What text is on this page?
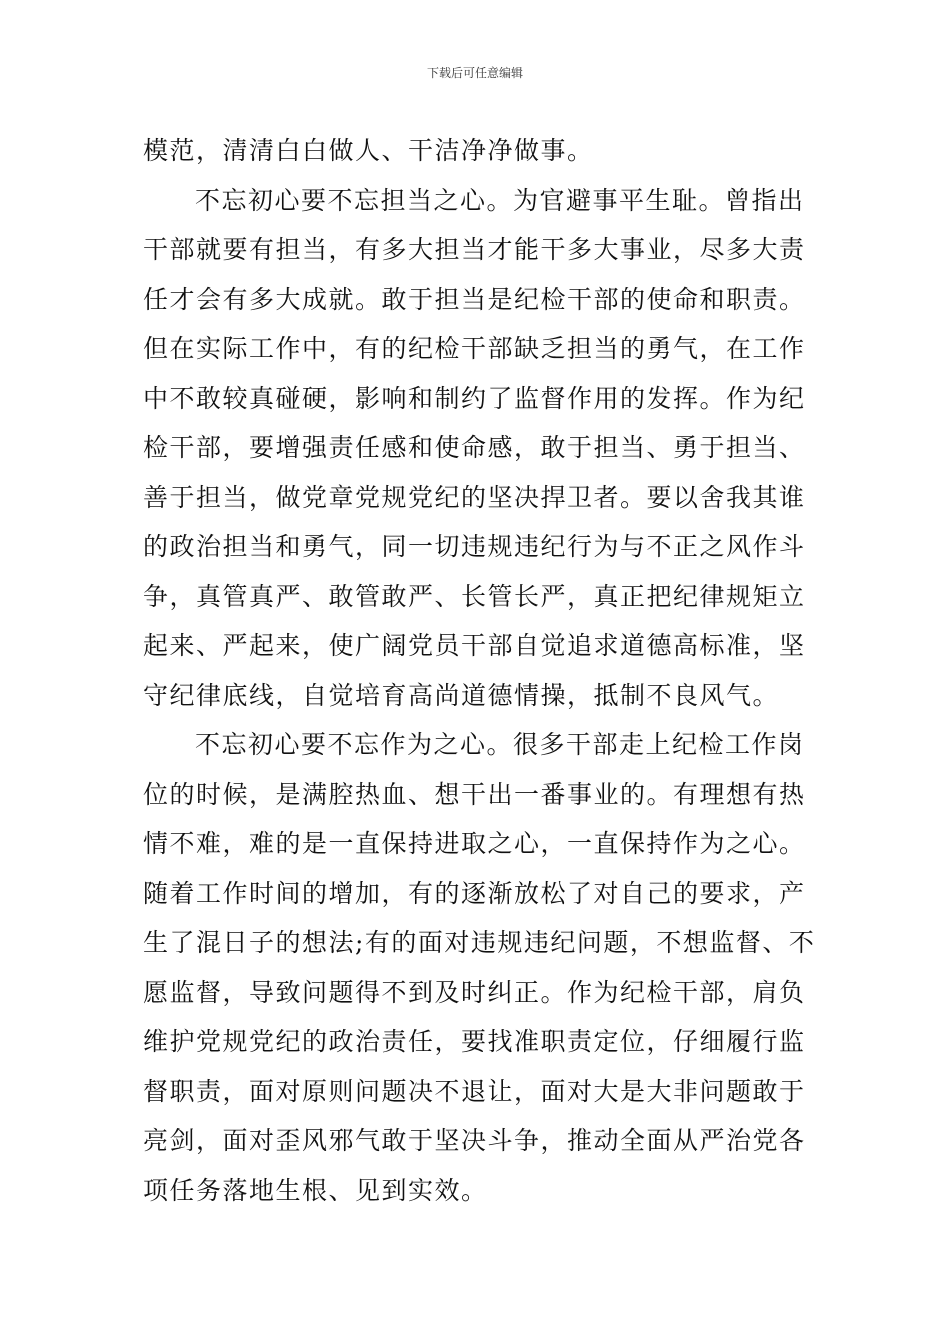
下载后可任意编辑
模范，清清白白做人、干洁净净做事。
不忘初心要不忘担当之心。为官避事平生耻。曾指出
干部就要有担当，有多大担当才能干多大事业，尽多大责
任才会有多大成就。敢于担当是纪检干部的使命和职责。
但在实际工作中，有的纪检干部缺乏担当的勇气，在工作
中不敢较真碰硬，影响和制约了监督作用的发挥。作为纪
检干部，要增强责任感和使命感，敢于担当、勇于担当、
善于担当，做党章党规党纪的坚决捍卫者。要以舍我其谁
的政治担当和勇气，同一切违规违纪行为与不正之风作斗
争，真管真严、敢管敢严、长管长严，真正把纪律规矩立
起来、严起来，使广阔党员干部自觉追求道德高标准，坚
守纪律底线，自觉培育高尚道德情操，抵制不良风气。
不忘初心要不忘作为之心。很多干部走上纪检工作岗
位的时候，是满腔热血、想干出一番事业的。有理想有热
情不难，难的是一直保持进取之心，一直保持作为之心。
随着工作时间的增加，有的逐渐放松了对自己的要求，产
生了混日子的想法;有的面对违规违纪问题，不想监督、不
愿监督，导致问题得不到及时纠正。作为纪检干部，肩负
维护党规党纪的政治责任，要找准职责定位，仔细履行监
督职责，面对原则问题决不退让，面对大是大非问题敢于
亮剑，面对歪风邪气敢于坚决斗争，推动全面从严治党各
项任务落地生根、见到实效。
